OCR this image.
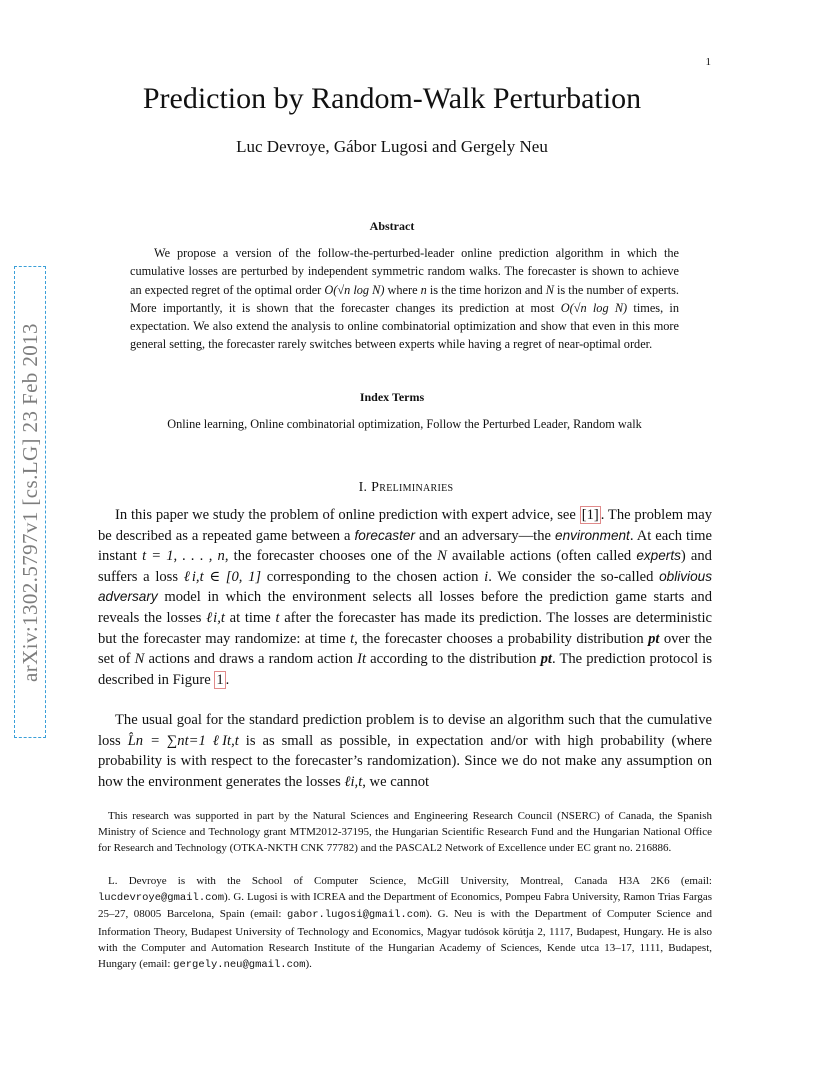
1
arXiv:1302.5797v1 [cs.LG] 23 Feb 2013
Prediction by Random-Walk Perturbation
Luc Devroye, Gábor Lugosi and Gergely Neu
Abstract

We propose a version of the follow-the-perturbed-leader online prediction algorithm in which the cumulative losses are perturbed by independent symmetric random walks. The forecaster is shown to achieve an expected regret of the optimal order O(√n log N) where n is the time horizon and N is the number of experts. More importantly, it is shown that the forecaster changes its prediction at most O(√n log N) times, in expectation. We also extend the analysis to online combinatorial optimization and show that even in this more general setting, the forecaster rarely switches between experts while having a regret of near-optimal order.

Index Terms

Online learning, Online combinatorial optimization, Follow the Perturbed Leader, Random walk

I. Preliminaries

In this paper we study the problem of online prediction with expert advice, see [1] . The problem may be described as a repeated game between a forecaster and an adversary—the environment. At each time instant t = 1, . . . , n, the forecaster chooses one of the N available actions (often called experts) and suffers a loss ℓi,t ∈ [0, 1] corresponding to the chosen action i. We consider the so-called oblivious adversary model in which the environment selects all losses before the prediction game starts and reveals the losses ℓi,t at time t after the forecaster has made its prediction. The losses are deterministic but the forecaster may randomize: at time t, the forecaster chooses a probability distribution pt over the set of N actions and draws a random action It according to the distribution pt. The prediction protocol is described in Figure 1 .

The usual goal for the standard prediction problem is to devise an algorithm such that the cumulative loss L̂n = ∑nt=1 ℓIt,t is as small as possible, in expectation and/or with high probability (where probability is with respect to the forecaster’s randomization). Since we do not make any assumption on how the environment generates the losses ℓi,t, we cannot

This research was supported in part by the Natural Sciences and Engineering Research Council (NSERC) of Canada, the Spanish Ministry of Science and Technology grant MTM2012-37195, the Hungarian Scientific Research Fund and the Hungarian National Office for Research and Technology (OTKA-NKTH CNK 77782) and the PASCAL2 Network of Excellence under EC grant no. 216886.

L. Devroye is with the School of Computer Science, McGill University, Montreal, Canada H3A 2K6 (email: lucdevroye@gmail.com). G. Lugosi is with ICREA and the Department of Economics, Pompeu Fabra University, Ramon Trias Fargas 25–27, 08005 Barcelona, Spain (email: gabor.lugosi@gmail.com). G. Neu is with the Department of Computer Science and Information Theory, Budapest University of Technology and Economics, Magyar tudósok körútja 2, 1117, Budapest, Hungary. He is also with the Computer and Automation Research Institute of the Hungarian Academy of Sciences, Kende utca 13–17, 1111, Budapest, Hungary (email: gergely.neu@gmail.com).
